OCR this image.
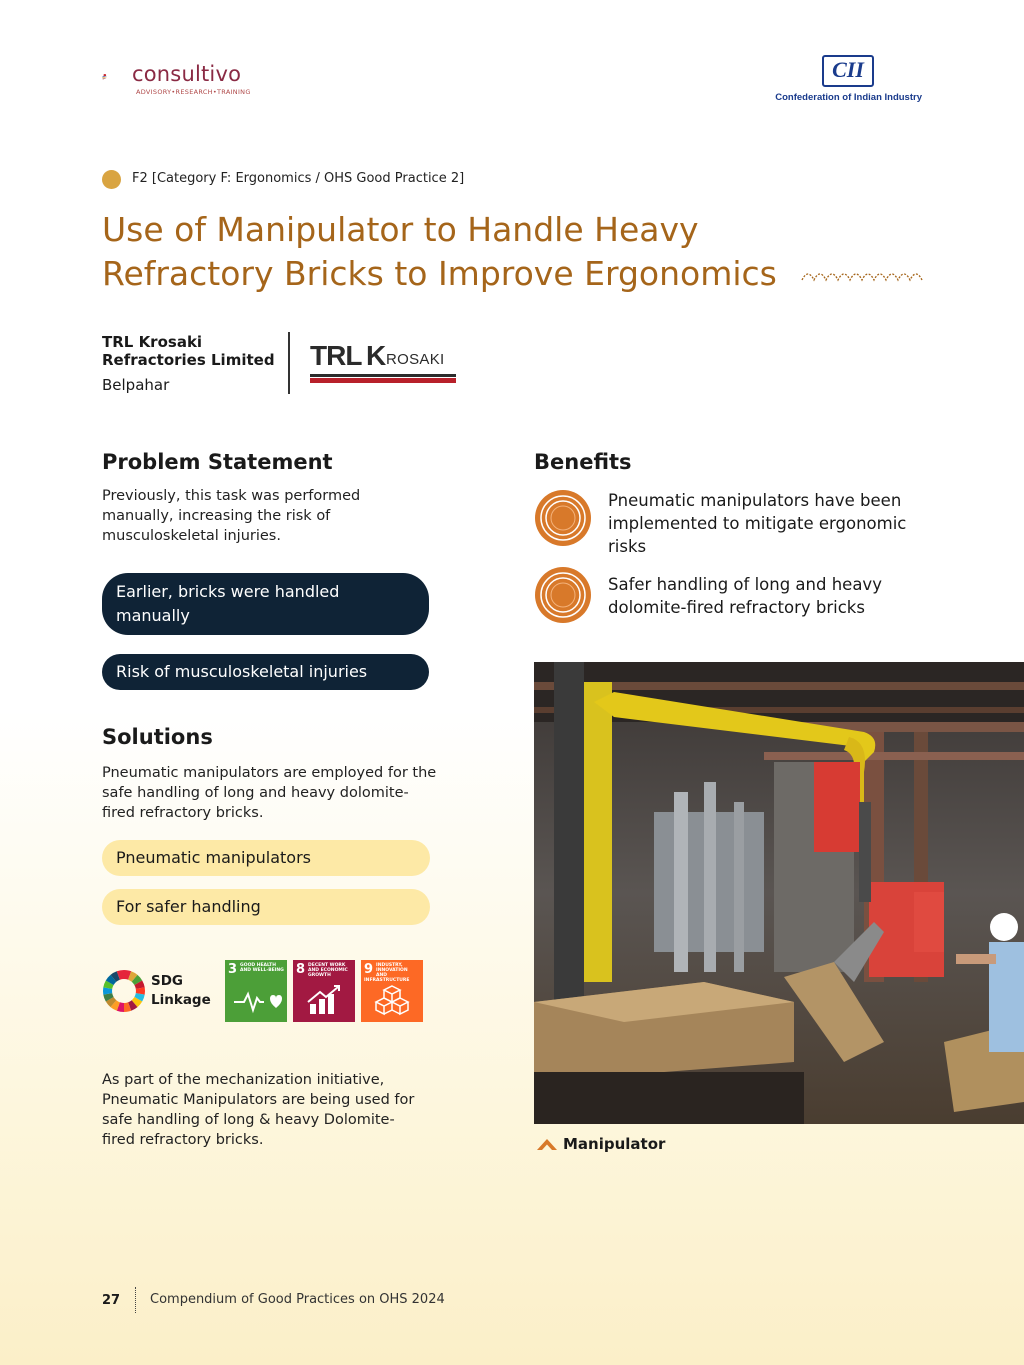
consultivo
ADVISORY•RESEARCH•TRAINING
CII
Confederation of Indian Industry
F2 [Category F: Ergonomics / OHS Good Practice 2]
Use of Manipulator to Handle Heavy
Refractory Bricks to Improve Ergonomics
TRL Krosaki
Refractories Limited
Belpahar
TRL K ROSAKI
Problem Statement
Previously, this task was performed manually, increasing the risk of musculoskeletal injuries.
Earlier, bricks were handled manually
Risk of musculoskeletal injuries
Solutions
Pneumatic manipulators are employed for the safe handling of long and heavy dolomite-fired refractory bricks.
Pneumatic manipulators
For safer handling
SDG
Linkage
3 GOOD HEALTH AND WELL-BEING 8 DECENT WORK AND ECONOMIC GROWTH	9 INDUSTRY, INNOVATION AND INFRASTRUCTURE
As part of the mechanization initiative, Pneumatic Manipulators are being used for safe handling of long & heavy Dolomite-fired refractory bricks.
Benefits
Pneumatic manipulators have been implemented to mitigate ergonomic risks
Safer handling of long and heavy dolomite-fired refractory bricks
Manipulator
27 Compendium of Good Practices on OHS 2024
